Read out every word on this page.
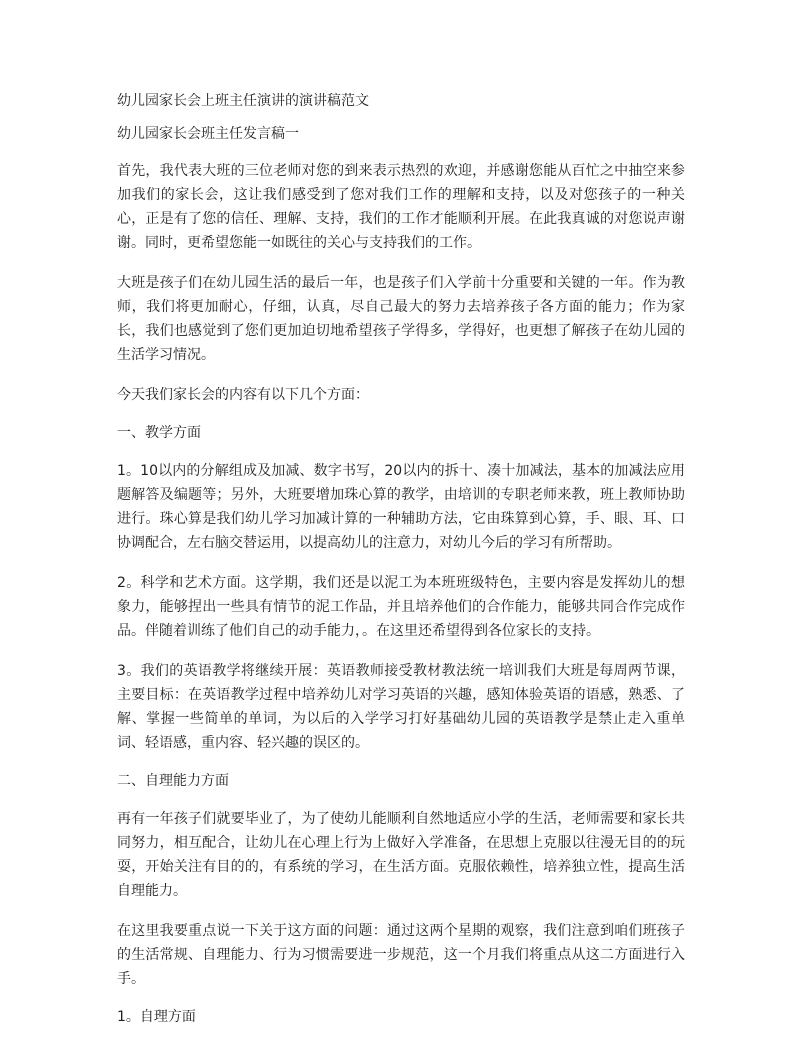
幼儿园家长会上班主任演讲的演讲稿范文
幼儿园家长会班主任发言稿一

首先，我代表大班的三位老师对您的到来表示热烈的欢迎，并感谢您能从百忙之中抽空来参加我们的家长会，这让我们感受到了您对我们工作的理解和支持，以及对您孩子的一种关心，正是有了您的信任、理解、支持，我们的工作才能顺利开展。在此我真诚的对您说声谢谢。同时，更希望您能一如既往的关心与支持我们的工作。

大班是孩子们在幼儿园生活的最后一年，也是孩子们入学前十分重要和关键的一年。作为教师，我们将更加耐心，仔细，认真，尽自己最大的努力去培养孩子各方面的能力；作为家长，我们也感觉到了您们更加迫切地希望孩子学得多，学得好，也更想了解孩子在幼儿园的生活学习情况。

今天我们家长会的内容有以下几个方面：

一、教学方面

1。10以内的分解组成及加减、数字书写，20以内的拆十、凑十加减法，基本的加减法应用题解答及编题等；另外，大班要增加珠心算的教学，由培训的专职老师来教，班上教师协助进行。珠心算是我们幼儿学习加减计算的一种辅助方法，它由珠算到心算，手、眼、耳、口协调配合，左右脑交替运用，以提高幼儿的注意力，对幼儿今后的学习有所帮助。

2。科学和艺术方面。这学期，我们还是以泥工为本班班级特色，主要内容是发挥幼儿的想象力，能够捏出一些具有情节的泥工作品，并且培养他们的合作能力，能够共同合作完成作品。伴随着训练了他们自己的动手能力，。在这里还希望得到各位家长的支持。

3。我们的英语教学将继续开展：英语教师接受教材教法统一培训我们大班是每周两节课，主要目标：在英语教学过程中培养幼儿对学习英语的兴趣，感知体验英语的语感，熟悉、了解、掌握一些简单的单词，为以后的入学学习打好基础幼儿园的英语教学是禁止走入重单词、轻语感，重内容、轻兴趣的误区的。

二、自理能力方面

再有一年孩子们就要毕业了，为了使幼儿能顺利自然地适应小学的生活，老师需要和家长共同努力，相互配合，让幼儿在心理上行为上做好入学准备，在思想上克服以往漫无目的的玩耍，开始关注有目的的，有系统的学习，在生活方面。克服依赖性，培养独立性，提高生活自理能力。

在这里我要重点说一下关于这方面的问题：通过这两个星期的观察，我们注意到咱们班孩子的生活常规、自理能力、行为习惯需要进一步规范，这一个月我们将重点从这二方面进行入手。

1。自理方面
